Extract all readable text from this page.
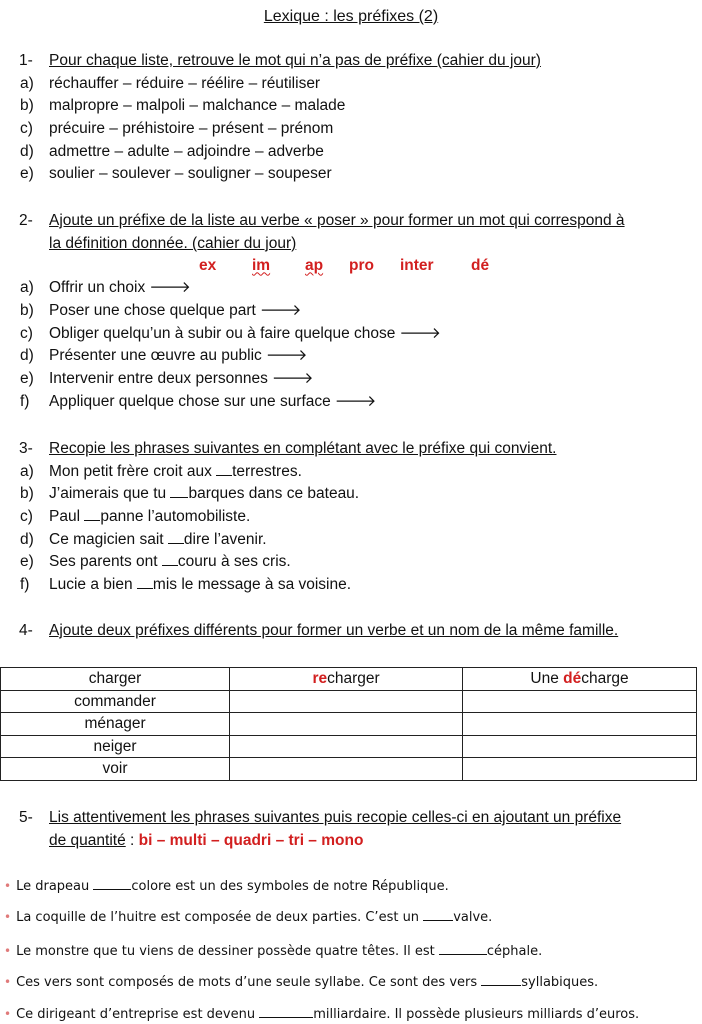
Lexique : les préfixes (2)
1- Pour chaque liste, retrouve le mot qui n’a pas de préfixe (cahier du jour)
a) réchauffer – réduire – réélire – réutiliser
b) malpropre – malpoli – malchance – malade
c) précuire – préhistoire – présent – prénom
d) admettre – adulte – adjoindre – adverbe
e) soulier – soulever – souligner – soupeser
2- Ajoute un préfixe de la liste au verbe « poser » pour former un mot qui correspond à
la définition donnée. (cahier du jour)
ex im ap pro inter dé
a) Offrir un choix 🡒
b) Poser une chose quelque part 🡒
c) Obliger quelqu’un à subir ou à faire quelque chose 🡒
d) Présenter une œuvre au public 🡒
e) Intervenir entre deux personnes 🡒
f) Appliquer quelque chose sur une surface 🡒
3- Recopie les phrases suivantes en complétant avec le préfixe qui convient.
a) Mon petit frère croit aux terrestres.
b) J’aimerais que tu barques dans ce bateau.
c) Paul panne l’automobiliste.
d) Ce magicien sait dire l’avenir.
e) Ses parents ont couru à ses cris.
f) Lucie a bien mis le message à sa voisine.
4- Ajoute deux préfixes différents pour former un verbe et un nom de la même famille.
charger	recharger	Une décharge
commander		
ménager		
neiger		
voir		
5- Lis attentivement les phrases suivantes puis recopie celles-ci en ajoutant un préfixe
de quantité : bi – multi – quadri – tri – mono
• Le drapeau	colore est un des symboles de notre République.
• La coquille de l’huitre est composée de deux parties. C’est un valve.
• Le monstre que tu viens de dessiner possède quatre têtes. Il est	céphale.
• Ces vers sont composés de mots d’une seule syllabe. Ce sont des vers	syllabiques.
• Ce dirigeant d’entreprise est devenu	milliardaire. Il possède plusieurs milliards d’euros.
